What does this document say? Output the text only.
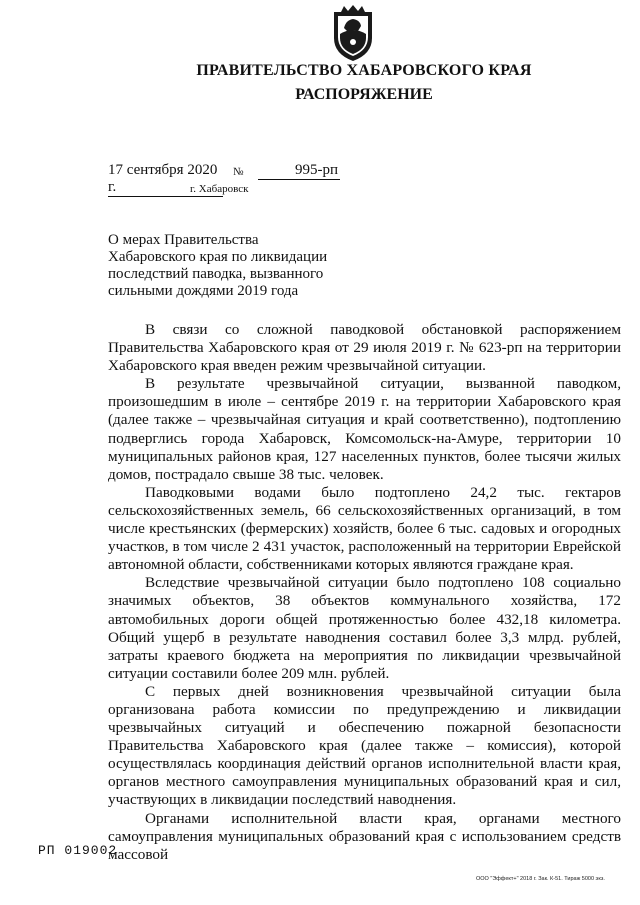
ПРАВИТЕЛЬСТВО ХАБАРОВСКОГО КРАЯ
РАСПОРЯЖЕНИЕ
17 сентября 2020 г.
№	995-рп
г. Хабаровск
О мерах Правительства Хабаровского края по ликвидации последствий паводка, вызванного сильными дождями 2019 года

В связи со сложной паводковой обстановкой распоряжением Правительства Хабаровского края от 29 июля 2019 г. № 623-рп на территории Хабаровского края введен режим чрезвычайной ситуации.

В результате чрезвычайной ситуации, вызванной паводком, произошедшим в июле – сентябре 2019 г. на территории Хабаровского края (далее также – чрезвычайная ситуация и край соответственно), подтоплению подверглись города Хабаровск, Комсомольск-на-Амуре, территории 10 муниципальных районов края, 127 населенных пунктов, более тысячи жилых домов, пострадало свыше 38 тыс. человек.

Паводковыми водами было подтоплено 24,2 тыс. гектаров сельскохозяйственных земель, 66 сельскохозяйственных организаций, в том числе крестьянских (фермерских) хозяйств, более 6 тыс. садовых и огородных участков, в том числе 2 431 участок, расположенный на территории Еврейской автономной области, собственниками которых являются граждане края.

Вследствие чрезвычайной ситуации было подтоплено 108 социально значимых объектов, 38 объектов коммунального хозяйства, 172 автомобильных дороги общей протяженностью более 432,18 километра. Общий ущерб в результате наводнения составил более 3,3 млрд. рублей, затраты краевого бюджета на мероприятия по ликвидации чрезвычайной ситуации составили более 209 млн. рублей.

С первых дней возникновения чрезвычайной ситуации была организована работа комиссии по предупреждению и ликвидации чрезвычайных ситуаций и обеспечению пожарной безопасности Правительства Хабаровского края (далее также – комиссия), которой осуществлялась координация действий органов исполнительной власти края, органов местного самоуправления муниципальных образований края и сил, участвующих в ликвидации последствий наводнения.

Органами исполнительной власти края, органами местного самоуправления муниципальных образований края с использованием средств массовой

РП 019002
ООО "Эффект+" 2018 г. Зак. К-51. Тираж 5000 экз.
